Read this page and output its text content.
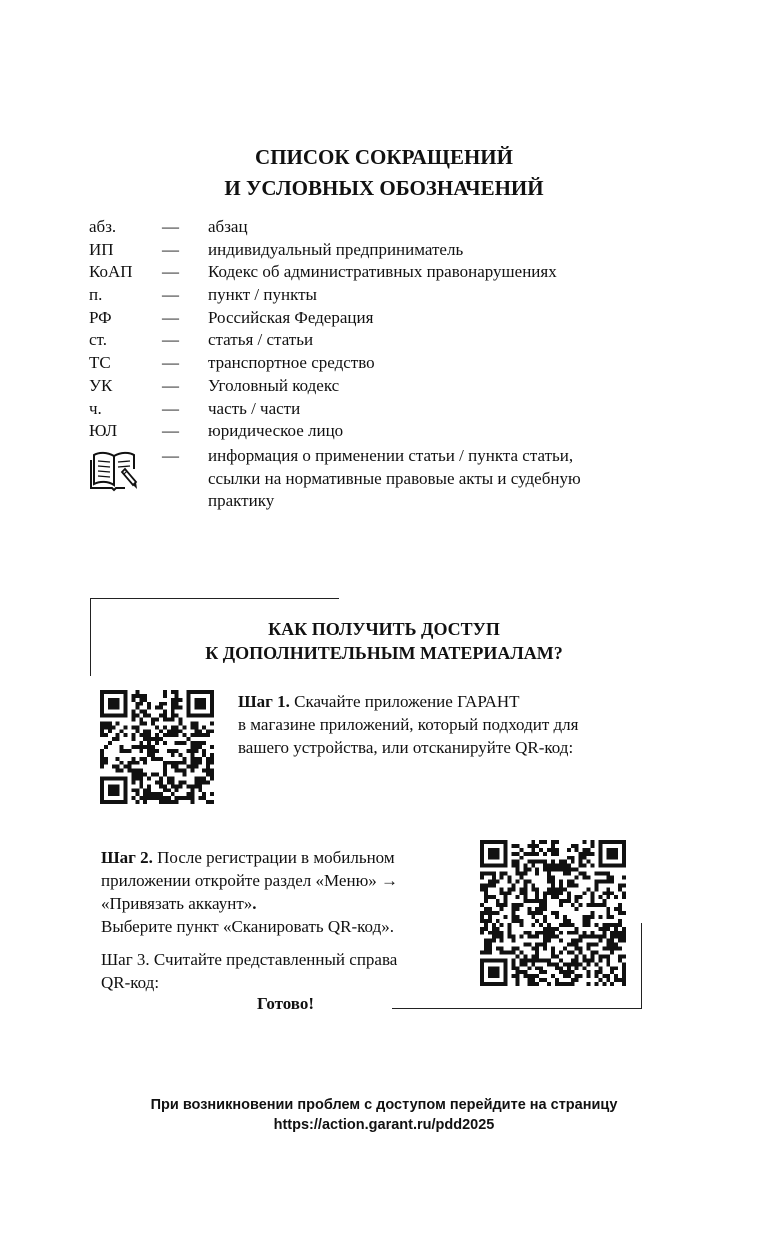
СПИСОК СОКРАЩЕНИЙ
И УСЛОВНЫХ ОБОЗНАЧЕНИЙ
абз.	— абзац
ИП	— индивидуальный предприниматель
КоАП — Кодекс об административных правонарушениях
п.	— пункт / пункты
РФ	— Российская Федерация
ст.	— статья / статьи
ТС	— транспортное средство
УК	— Уголовный кодекс
ч.	— часть / части
ЮЛ	— юридическое лицо
— информация о применении статьи / пункта статьи,
ссылки на нормативные правовые акты и судебную
практику
КАК ПОЛУЧИТЬ ДОСТУП
К ДОПОЛНИТЕЛЬНЫМ МАТЕРИАЛАМ?
Шаг 1. Скачайте приложение ГАРАНТ
в магазине приложений, который подходит для
вашего устройства, или отсканируйте QR-код:
Шаг 2. После регистрации в мобильном
приложении откройте раздел «Меню» →
«Привязать аккаунт».
Выберите пункт «Сканировать QR-код».
Шаг 3. Считайте представленный справа
QR-код:
Готово!
При возникновении проблем с доступом перейдите на страницу
https://action.garant.ru/pdd2025
